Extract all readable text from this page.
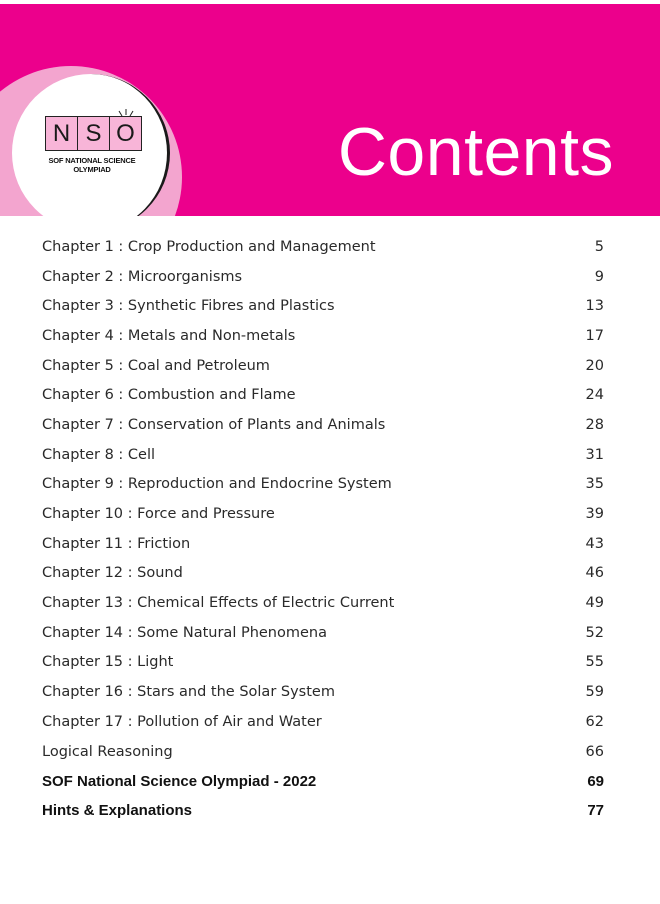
N S O
SOF NATIONAL SCIENCE
OLYMPIAD	Contents
Chapter 1 : Crop Production and Management	5
Chapter 2 : Microorganisms	9
Chapter 3 : Synthetic Fibres and Plastics	13
Chapter 4 : Metals and Non-metals	17
Chapter 5 : Coal and Petroleum	20
Chapter 6 : Combustion and Flame	24
Chapter 7 : Conservation of Plants and Animals	28
Chapter 8 : Cell	31
Chapter 9 : Reproduction and Endocrine System	35
Chapter 10 : Force and Pressure	39
Chapter 11 : Friction	43
Chapter 12 : Sound	46
Chapter 13 : Chemical Effects of Electric Current	49
Chapter 14 : Some Natural Phenomena	52
Chapter 15 : Light	55
Chapter 16 : Stars and the Solar System	59
Chapter 17 : Pollution of Air and Water	62
Logical Reasoning	66
SOF National Science Olympiad - 2022	69
Hints & Explanations	77
